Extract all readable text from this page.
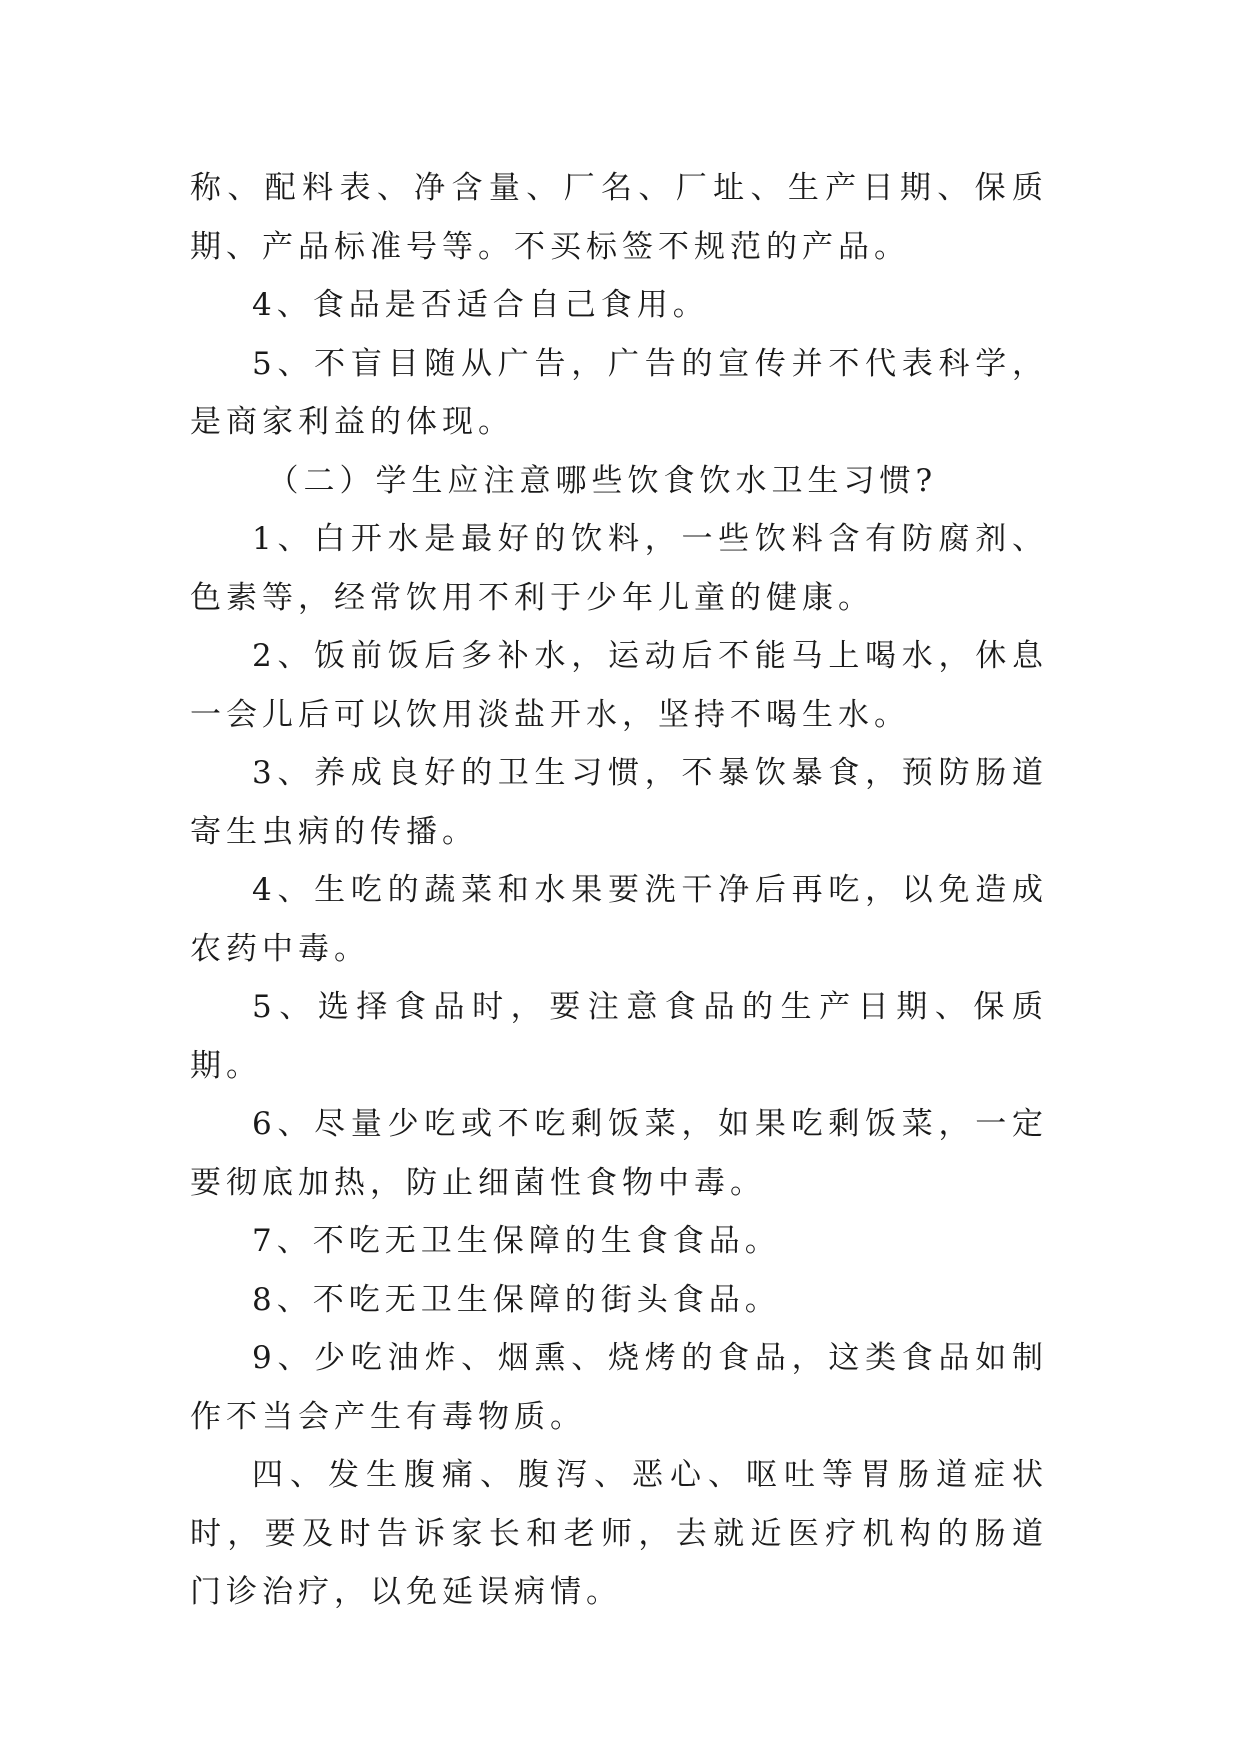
称、配料表、净含量、厂名、厂址、生产日期、保质期、产品标准号等。不买标签不规范的产品。

4、食品是否适合自己食用。

5、不盲目随从广告，广告的宣传并不代表科学，是商家利益的体现。

（二）学生应注意哪些饮食饮水卫生习惯?

1、白开水是最好的饮料，一些饮料含有防腐剂、色素等，经常饮用不利于少年儿童的健康。

2、饭前饭后多补水，运动后不能马上喝水，休息一会儿后可以饮用淡盐开水，坚持不喝生水。

3、养成良好的卫生习惯，不暴饮暴食，预防肠道寄生虫病的传播。

4、生吃的蔬菜和水果要洗干净后再吃，以免造成农药中毒。

5、选择食品时，要注意食品的生产日期、保质期。

6、尽量少吃或不吃剩饭菜，如果吃剩饭菜，一定要彻底加热，防止细菌性食物中毒。

7、不吃无卫生保障的生食食品。

8、不吃无卫生保障的街头食品。

9、少吃油炸、烟熏、烧烤的食品，这类食品如制作不当会产生有毒物质。

四、发生腹痛、腹泻、恶心、呕吐等胃肠道症状时，要及时告诉家长和老师，去就近医疗机构的肠道门诊治疗，以免延误病情。
